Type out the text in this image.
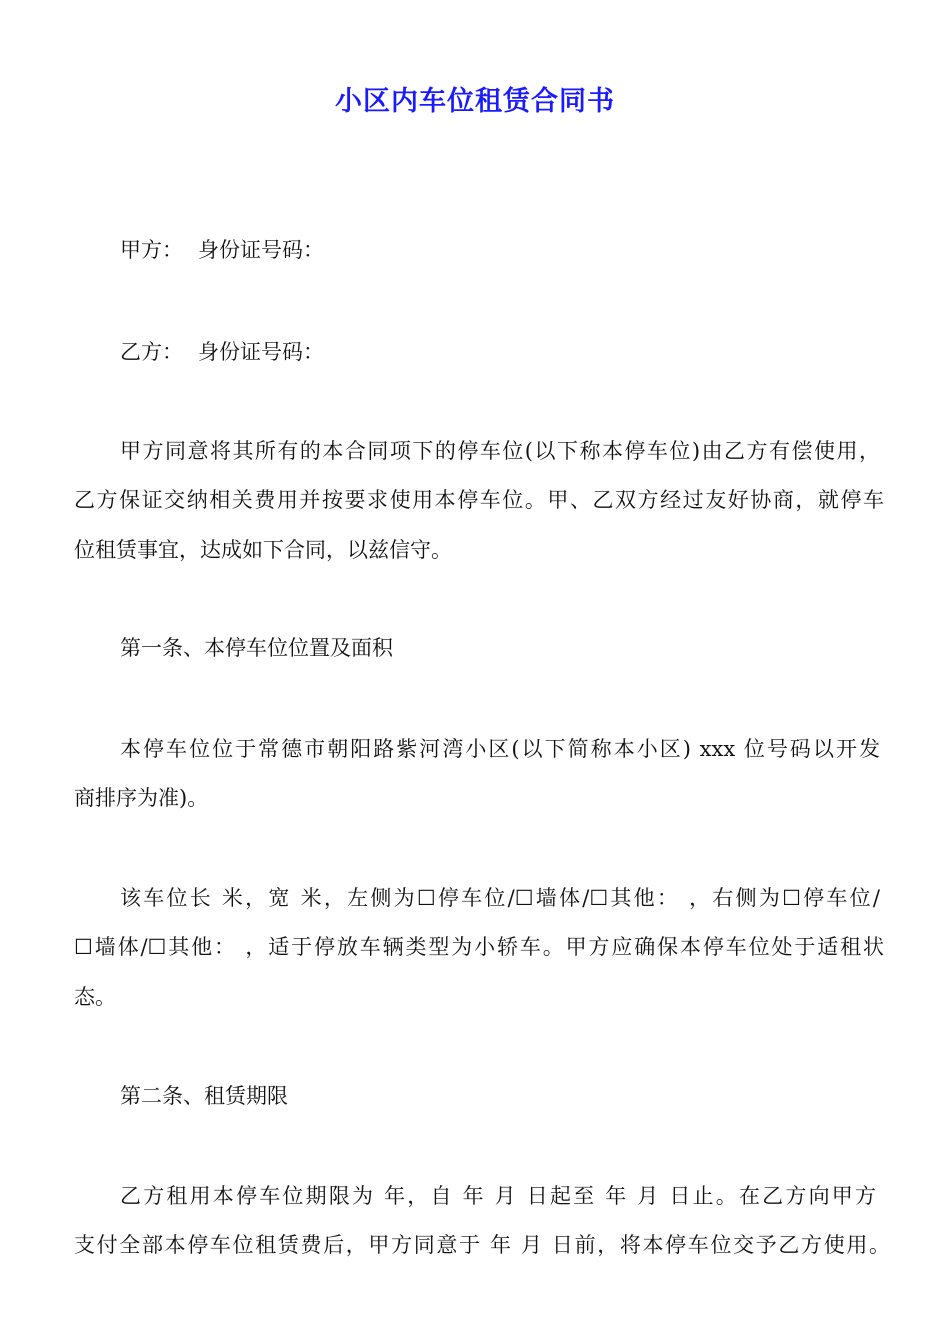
小区内车位租赁合同书
甲方： 身份证号码：
乙方： 身份证号码：
甲方同意将其所有的本合同项下的停车位(以下称本停车位)由乙方有偿使用，
乙方保证交纳相关费用并按要求使用本停车位。甲、乙双方经过友好协商，就停车
位租赁事宜，达成如下合同，以兹信守。
第一条、本停车位位置及面积
本停车位位于常德市朝阳路紫河湾小区(以下简称本小区) xxx 位号码以开发
商排序为准)。
该车位长 米，宽 米，左侧为☐停车位/☐墙体/☐其他： ，右侧为☐停车位/
☐墙体/☐其他： ，适于停放车辆类型为小轿车。甲方应确保本停车位处于适租状
态。
第二条、租赁期限
乙方租用本停车位期限为 年，自 年 月 日起至 年 月 日止。在乙方向甲方
支付全部本停车位租赁费后，甲方同意于 年 月 日前，将本停车位交予乙方使用。
